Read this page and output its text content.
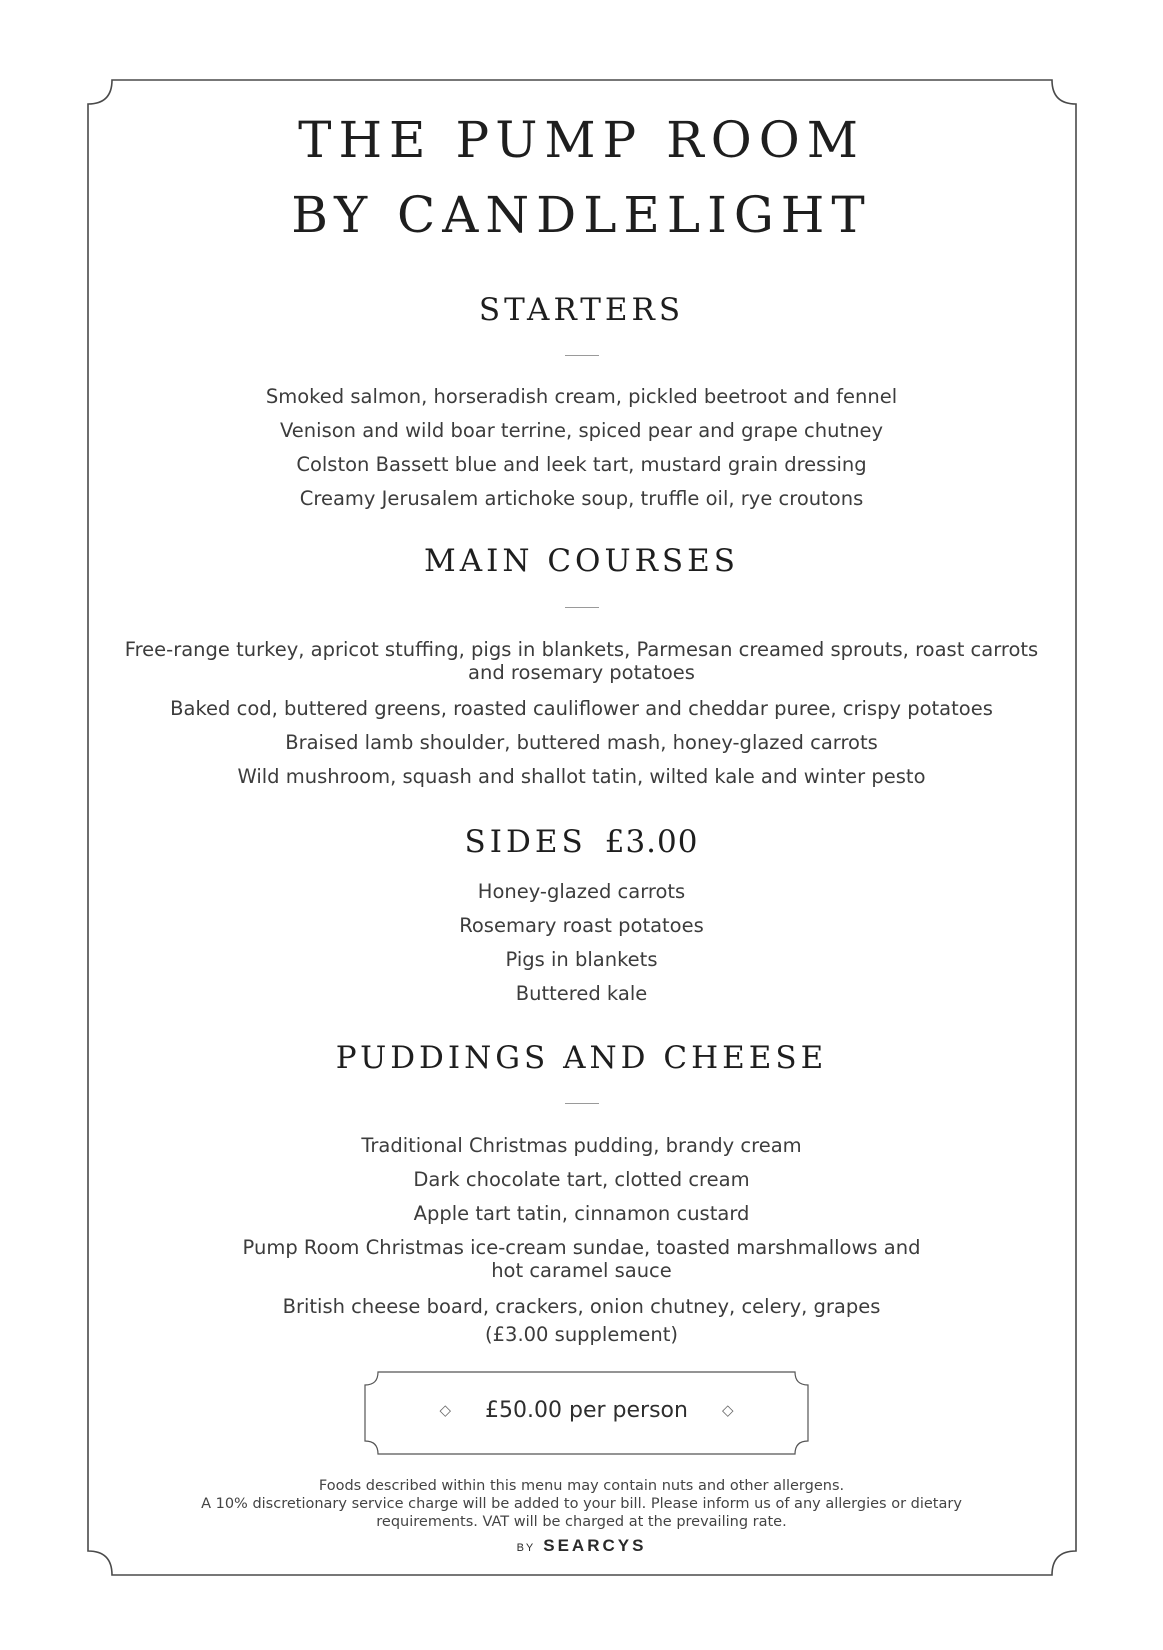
THE PUMP ROOM
BY CANDLELIGHT
STARTERS

Smoked salmon, horseradish cream, pickled beetroot and fennel

Venison and wild boar terrine, spiced pear and grape chutney

Colston Bassett blue and leek tart, mustard grain dressing

Creamy Jerusalem artichoke soup, truffle oil, rye croutons

MAIN COURSES

Free-range turkey, apricot stuffing, pigs in blankets, Parmesan creamed sprouts, roast carrots and rosemary potatoes

Baked cod, buttered greens, roasted cauliflower and cheddar puree, crispy potatoes

Braised lamb shoulder, buttered mash, honey-glazed carrots

Wild mushroom, squash and shallot tatin, wilted kale and winter pesto

SIDES £3.00

Honey-glazed carrots

Rosemary roast potatoes

Pigs in blankets

Buttered kale

PUDDINGS AND CHEESE

Traditional Christmas pudding, brandy cream

Dark chocolate tart, clotted cream

Apple tart tatin, cinnamon custard

Pump Room Christmas ice-cream sundae, toasted marshmallows and hot caramel sauce

British cheese board, crackers, onion chutney, celery, grapes

(£3.00 supplement)

◇ £50.00 per person ◇

Foods described within this menu may contain nuts and other allergens.

A 10% discretionary service charge will be added to your bill. Please inform us of any allergies or dietary

requirements. VAT will be charged at the prevailing rate.

BY SEARCYS
